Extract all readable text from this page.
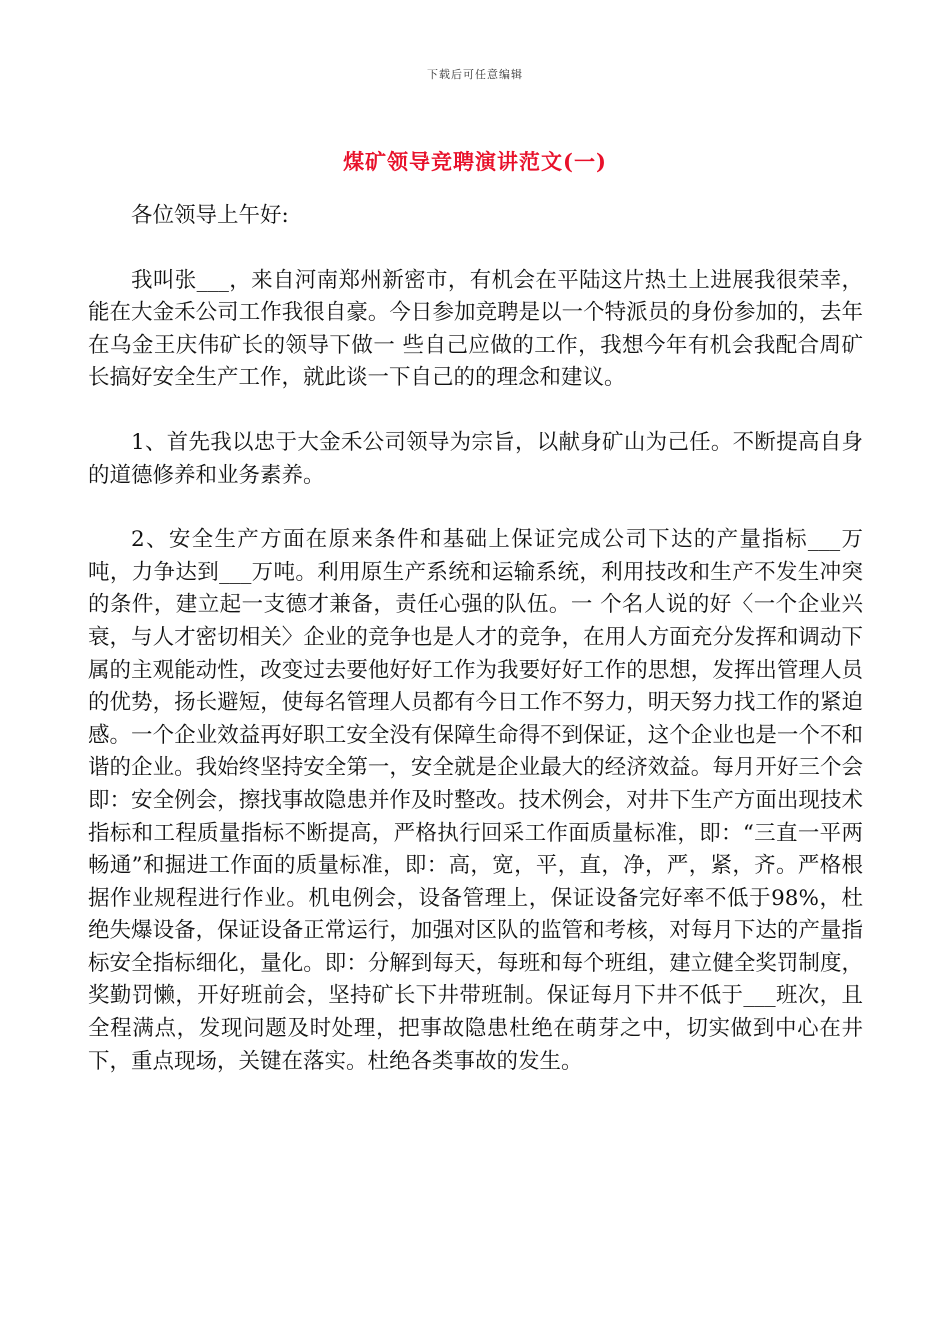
下载后可任意编辑
煤矿领导竞聘演讲范文(一)

各位领导上午好:

我叫张___，来自河南郑州新密市，有机会在平陆这片热土上进展我很荣幸，能在大金禾公司工作我很自豪。今日参加竞聘是以一个特派员的身份参加的，去年在乌金王庆伟矿长的领导下做一 些自己应做的工作，我想今年有机会我配合周矿长搞好安全生产工作，就此谈一下自己的的理念和建议。

1、首先我以忠于大金禾公司领导为宗旨，以献身矿山为己任。不断提高自身的道德修养和业务素养。

2、安全生产方面在原来条件和基础上保证完成公司下达的产量指标___万吨，力争达到___万吨。利用原生产系统和运输系统，利用技改和生产不发生冲突的条件，建立起一支德才兼备，责任心强的队伍。一 个名人说的好〈一个企业兴衰，与人才密切相关〉企业的竞争也是人才的竞争，在用人方面充分发挥和调动下属的主观能动性，改变过去要他好好工作为我要好好工作的思想，发挥出管理人员的优势，扬长避短，使每名管理人员都有今日工作不努力，明天努力找工作的紧迫感。一个企业效益再好职工安全没有保障生命得不到保证，这个企业也是一个不和谐的企业。我始终坚持安全第一，安全就是企业最大的经济效益。每月开好三个会即：安全例会，擦找事故隐患并作及时整改。技术例会，对井下生产方面出现技术指标和工程质量指标不断提高，严格执行回采工作面质量标准，即：“三直一平两畅通”和掘进工作面的质量标准，即：高，宽，平，直，净，严，紧，齐。严格根据作业规程进行作业。机电例会，设备管理上，保证设备完好率不低于98%，杜绝失爆设备，保证设备正常运行，加强对区队的监管和考核，对每月下达的产量指标安全指标细化，量化。即：分解到每天，每班和每个班组，建立健全奖罚制度，奖勤罚懒，开好班前会，坚持矿长下井带班制。保证每月下井不低于___班次，且全程满点，发现问题及时处理，把事故隐患杜绝在萌芽之中，切实做到中心在井下，重点现场，关键在落实。杜绝各类事故的发生。
